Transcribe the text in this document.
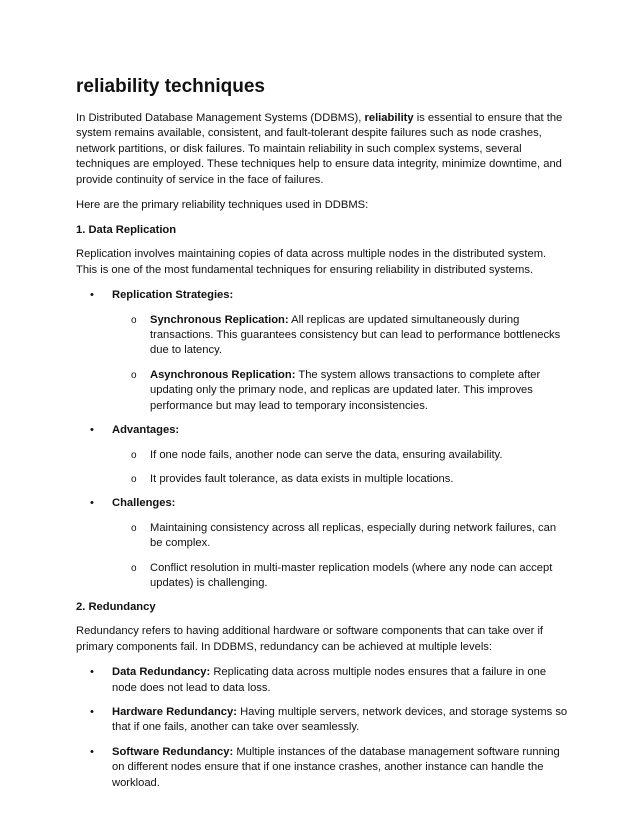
reliability techniques

In Distributed Database Management Systems (DDBMS), reliability is essential to ensure that the system remains available, consistent, and fault-tolerant despite failures such as node crashes, network partitions, or disk failures. To maintain reliability in such complex systems, several techniques are employed. These techniques help to ensure data integrity, minimize downtime, and provide continuity of service in the face of failures.

Here are the primary reliability techniques used in DDBMS:

1. Data Replication

Replication involves maintaining copies of data across multiple nodes in the distributed system. This is one of the most fundamental techniques for ensuring reliability in distributed systems.

• Replication Strategies:
o Synchronous Replication: All replicas are updated simultaneously during transactions. This guarantees consistency but can lead to performance bottlenecks due to latency.
o Asynchronous Replication: The system allows transactions to complete after updating only the primary node, and replicas are updated later. This improves performance but may lead to temporary inconsistencies.
• Advantages:
o If one node fails, another node can serve the data, ensuring availability.
o It provides fault tolerance, as data exists in multiple locations.
• Challenges:
o Maintaining consistency across all replicas, especially during network failures, can be complex.
o Conflict resolution in multi-master replication models (where any node can accept updates) is challenging.
2. Redundancy

Redundancy refers to having additional hardware or software components that can take over if primary components fail. In DDBMS, redundancy can be achieved at multiple levels:

• Data Redundancy: Replicating data across multiple nodes ensures that a failure in one node does not lead to data loss.
• Hardware Redundancy: Having multiple servers, network devices, and storage systems so that if one fails, another can take over seamlessly.
• Software Redundancy: Multiple instances of the database management software running on different nodes ensure that if one instance crashes, another instance can handle the workload.
